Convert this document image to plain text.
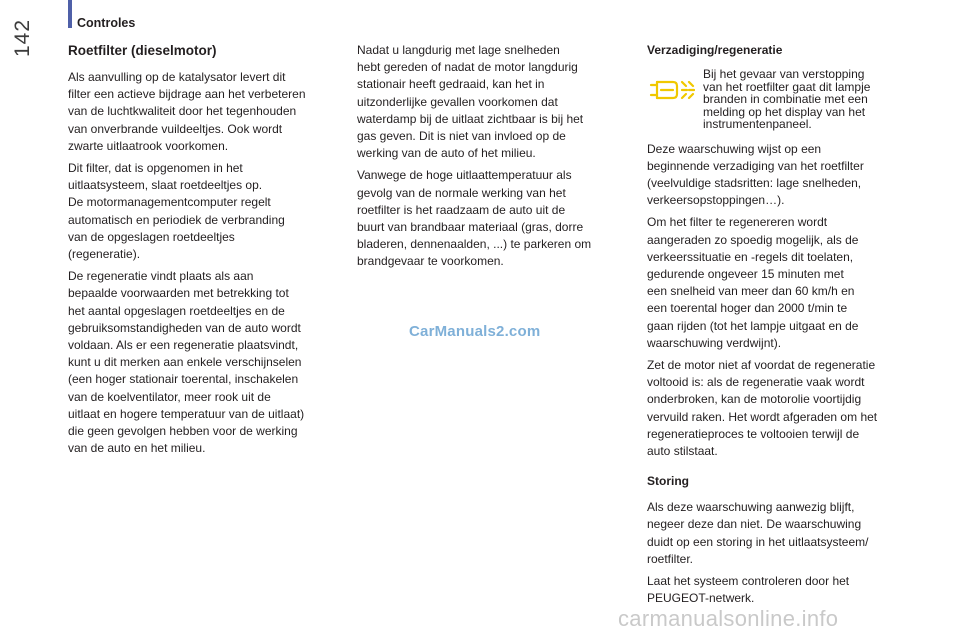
142	Controles
Roetfilter (dieselmotor)

Als aanvulling op de katalysator levert dit
filter een actieve bijdrage aan het verbeteren
van de luchtkwaliteit door het tegenhouden
van onverbrande vuildeeltjes. Ook wordt
zwarte uitlaatrook voorkomen.

Dit filter, dat is opgenomen in het
uitlaatsysteem, slaat roetdeeltjes op.
De motormanagementcomputer regelt
automatisch en periodiek de verbranding
van de opgeslagen roetdeeltjes
(regeneratie).

De regeneratie vindt plaats als aan
bepaalde voorwaarden met betrekking tot
het aantal opgeslagen roetdeeltjes en de
gebruiksomstandigheden van de auto wordt
voldaan. Als er een regeneratie plaatsvindt,
kunt u dit merken aan enkele verschijnselen
(een hoger stationair toerental, inschakelen
van de koelventilator, meer rook uit de
uitlaat en hogere temperatuur van de uitlaat)
die geen gevolgen hebben voor de werking
van de auto en het milieu.

Nadat u langdurig met lage snelheden
hebt gereden of nadat de motor langdurig
stationair heeft gedraaid, kan het in
uitzonderlijke gevallen voorkomen dat
waterdamp bij de uitlaat zichtbaar is bij het
gas geven. Dit is niet van invloed op de
werking van de auto of het milieu.

Vanwege de hoge uitlaattemperatuur als
gevolg van de normale werking van het
roetfilter is het raadzaam de auto uit de
buurt van brandbaar materiaal (gras, dorre
bladeren, dennenaalden, ...) te parkeren om
brandgevaar te voorkomen.

Verzadiging/regeneratie

Bij het gevaar van verstopping
van het roetfilter gaat dit lampje
branden in combinatie met een
melding op het display van het
instrumentenpaneel.

Deze waarschuwing wijst op een
beginnende verzadiging van het roetfilter
(veelvuldige stadsritten: lage snelheden,
verkeersopstoppingen…).

Om het filter te regenereren wordt
aangeraden zo spoedig mogelijk, als de
verkeerssituatie en -regels dit toelaten,
gedurende ongeveer 15 minuten met
een snelheid van meer dan 60 km/h en
een toerental hoger dan 2000 t/min te
gaan rijden (tot het lampje uitgaat en de
waarschuwing verdwijnt).

Zet de motor niet af voordat de regeneratie
voltooid is: als de regeneratie vaak wordt
onderbroken, kan de motorolie voortijdig
vervuild raken. Het wordt afgeraden om het
regeneratieproces te voltooien terwijl de
auto stilstaat.

Storing

Als deze waarschuwing aanwezig blijft,
negeer deze dan niet. De waarschuwing
duidt op een storing in het uitlaatsysteem/
roetfilter.

Laat het systeem controleren door het
PEUGEOT-netwerk.

CarManuals2.com
carmanualsonline.info
